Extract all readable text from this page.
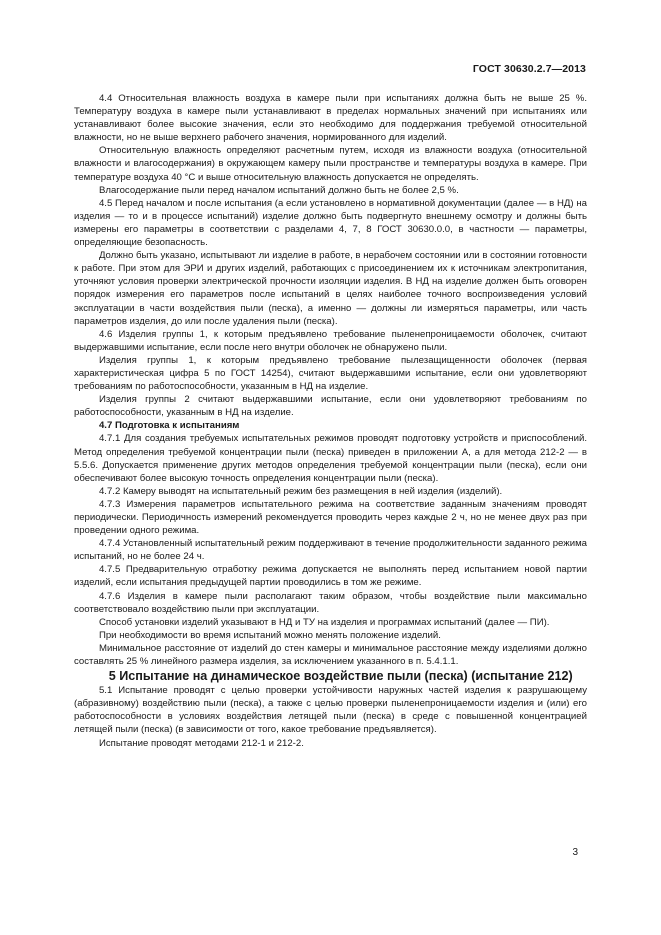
ГОСТ 30630.2.7—2013

4.4 Относительная влажность воздуха в камере пыли при испытаниях должна быть не выше 25 %. Температуру воздуха в камере пыли устанавливают в пределах нормальных значений при испытаниях или устанавливают более высокие значения, если это необходимо для поддержания требуемой относительной влажности, но не выше верхнего рабочего значения, нормированного для изделий.

Относительную влажность определяют расчетным путем, исходя из влажности воздуха (относительной влажности и влагосодержания) в окружающем камеру пыли пространстве и температуры воздуха в камере. При температуре воздуха 40 °С и выше относительную влажность допускается не определять.

Влагосодержание пыли перед началом испытаний должно быть не более 2,5 %.

4.5 Перед началом и после испытания (а если установлено в нормативной документации (далее — в НД) на изделия — то и в процессе испытаний) изделие должно быть подвергнуто внешнему осмотру и должны быть измерены его параметры в соответствии с разделами 4, 7, 8 ГОСТ 30630.0.0, в частности — параметры, определяющие безопасность.

Должно быть указано, испытывают ли изделие в работе, в нерабочем состоянии или в состоянии готовности к работе. При этом для ЭРИ и других изделий, работающих с присоединением их к источникам электропитания, уточняют условия проверки электрической прочности изоляции изделия. В НД на изделие должен быть оговорен порядок измерения его параметров после испытаний в целях наиболее точного воспроизведения условий эксплуатации в части воздействия пыли (песка), а именно — должны ли измеряться параметры, или часть параметров изделия, до или после удаления пыли (песка).

4.6 Изделия группы 1, к которым предъявлено требование пыленепроницаемости оболочек, считают выдержавшими испытание, если после него внутри оболочек не обнаружено пыли.

Изделия группы 1, к которым предъявлено требование пылезащищенности оболочек (первая характеристическая цифра 5 по ГОСТ 14254), считают выдержавшими испытание, если они удовлетворяют требованиям по работоспособности, указанным в НД на изделие.

Изделия группы 2 считают выдержавшими испытание, если они удовлетворяют требованиям по работоспособности, указанным в НД на изделие.

4.7 Подготовка к испытаниям

4.7.1 Для создания требуемых испытательных режимов проводят подготовку устройств и приспособлений. Метод определения требуемой концентрации пыли (песка) приведен в приложении А, а для метода 212-2 — в 5.5.6. Допускается применение других методов определения требуемой концентрации пыли (песка), если они обеспечивают более высокую точность определения концентрации пыли (песка).

4.7.2 Камеру выводят на испытательный режим без размещения в ней изделия (изделий).

4.7.3 Измерения параметров испытательного режима на соответствие заданным значениям проводят периодически. Периодичность измерений рекомендуется проводить через каждые 2 ч, но не менее двух раз при проведении одного режима.

4.7.4 Установленный испытательный режим поддерживают в течение продолжительности заданного режима испытаний, но не более 24 ч.

4.7.5 Предварительную отработку режима допускается не выполнять перед испытанием новой партии изделий, если испытания предыдущей партии проводились в том же режиме.

4.7.6 Изделия в камере пыли располагают таким образом, чтобы воздействие пыли максимально соответствовало воздействию пыли при эксплуатации.

Способ установки изделий указывают в НД и ТУ на изделия и программах испытаний (далее — ПИ).

При необходимости во время испытаний можно менять положение изделий.

Минимальное расстояние от изделий до стен камеры и минимальное расстояние между изделиями должно составлять 25 % линейного размера изделия, за исключением указанного в п. 5.4.1.1.

5 Испытание на динамическое воздействие пыли (песка) (испытание 212)

5.1 Испытание проводят с целью проверки устойчивости наружных частей изделия к разрушающему (абразивному) воздействию пыли (песка), а также с целью проверки пыленепроницаемости изделия и (или) его работоспособности в условиях воздействия летящей пыли (песка) в среде с повышенной концентрацией летящей пыли (песка) (в зависимости от того, какое требование предъявляется).

Испытание проводят методами 212-1 и 212-2.

3
